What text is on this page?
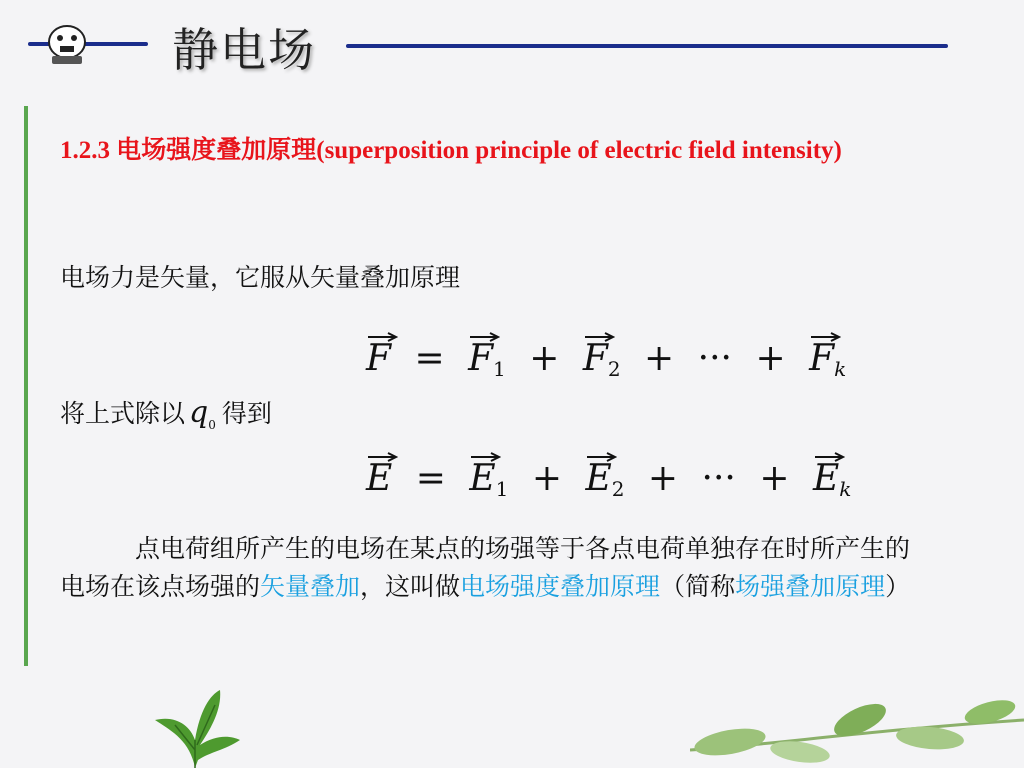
静电场
1.2.3 电场强度叠加原理(superposition principle of electric field intensity)
电场力是矢量，它服从矢量叠加原理
$F = F_1 + F_2$ + ··· + Fk
将上式除以 $q_0$ 得到
$E = E_1 + E_2$ + ··· + Ek
点电荷组所产生的电场在某点的场强等于各点电荷单独存在时所产生的电场在该点场强的矢量叠加，这叫做电场强度叠加原理（简称场强叠加原理）
